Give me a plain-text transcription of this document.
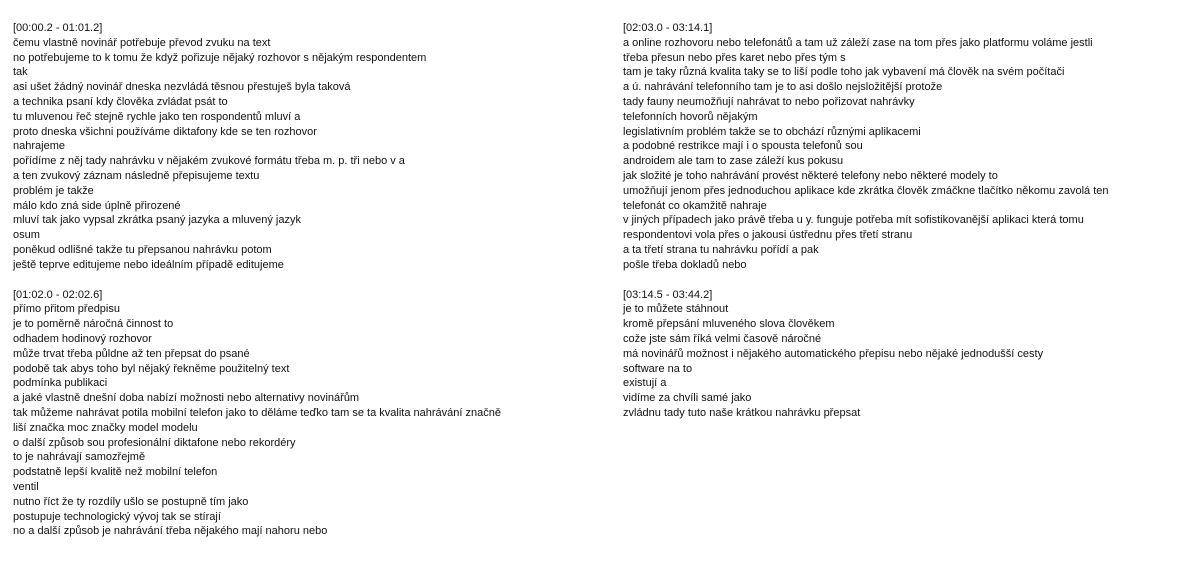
[00:00.2 - 01:01.2]
čemu vlastně novinář potřebuje převod zvuku na text
no potřebujeme to k tomu že když pořizuje nějaký rozhovor s nějakým respondentem
tak
asi ušet žádný novinář dneska nezvládá těsnou přestuješ byla taková
a technika psaní kdy člověka zvládat psát to
tu mluvenou řeč stejně rychle jako ten rospondentů mluví a
proto dneska všichni používáme diktafony kde se ten rozhovor
nahrajeme
pořídíme z něj tady nahrávku v nějakém zvukové formátu třeba m. p. tři nebo v a
a ten zvukový záznam následně přepisujeme textu
problém je takže
málo kdo zná side úplně přirozené
mluví tak jako vypsal zkrátka psaný jazyka a mluvený jazyk
osum
poněkud odlišné takže tu přepsanou nahrávku potom
ještě teprve editujeme nebo ideálním případě editujeme
[01:02.0 - 02:02.6]
přímo přitom předpisu
je to poměrně náročná činnost to
odhadem hodinový rozhovor
může trvat třeba půldne až ten přepsat do psané
podobě tak abys toho byl nějaký řekněme použitelný text
podmínka publikaci
a jaké vlastně dnešní doba nabízí možnosti nebo alternativy novinářům
tak můžeme nahrávat potila mobilní telefon jako to děláme teďko tam se ta kvalita nahrávání značně
liší značka moc značky model modelu
o další způsob sou profesionální diktafone nebo rekordéry
to je nahrávají samozřejmě
podstatně lepší kvalitě než mobilní telefon
ventil
nutno říct že ty rozdíly ušlo se postupně tím jako
postupuje technologický vývoj tak se stírají
no a další způsob je nahrávání třeba nějakého mají nahoru nebo
[02:03.0 - 03:14.1]
a online rozhovoru nebo telefonátů a tam už záleží zase na tom přes jako platformu voláme jestli
třeba přesun nebo přes karet nebo přes tým s
tam je taky různá kvalita taky se to liší podle toho jak vybavení má člověk na svém počítači
a ú. nahrávání telefonního tam je to asi došlo nejsložitější protože
tady fauny neumožňují nahrávat to nebo pořizovat nahrávky
telefonních hovorů nějakým
legislativním problém takže se to obchází různými aplikacemi
a podobné restrikce mají i o spousta telefonů sou
androidem ale tam to zase záleží kus pokusu
jak složité je toho nahrávání provést některé telefony nebo některé modely to
umožňují jenom přes jednoduchou aplikace kde zkrátka člověk zmáčkne tlačítko někomu zavolá ten
telefonát co okamžitě nahraje
v jiných případech jako právě třeba u y. funguje potřeba mít sofistikovanější aplikaci která tomu
respondentovi vola přes o jakousi ústřednu přes třetí stranu
a ta třetí strana tu nahrávku pořídí a pak
pošle třeba dokladů nebo
[03:14.5 - 03:44.2]
je to můžete stáhnout
kromě přepsání mluveného slova člověkem
cože jste sám říká velmi časově náročné
má novinářů možnost i nějakého automatického přepisu nebo nějaké jednodušší cesty
software na to
existují a
vidíme za chvíli samé jako
zvládnu tady tuto naše krátkou nahrávku přepsat
